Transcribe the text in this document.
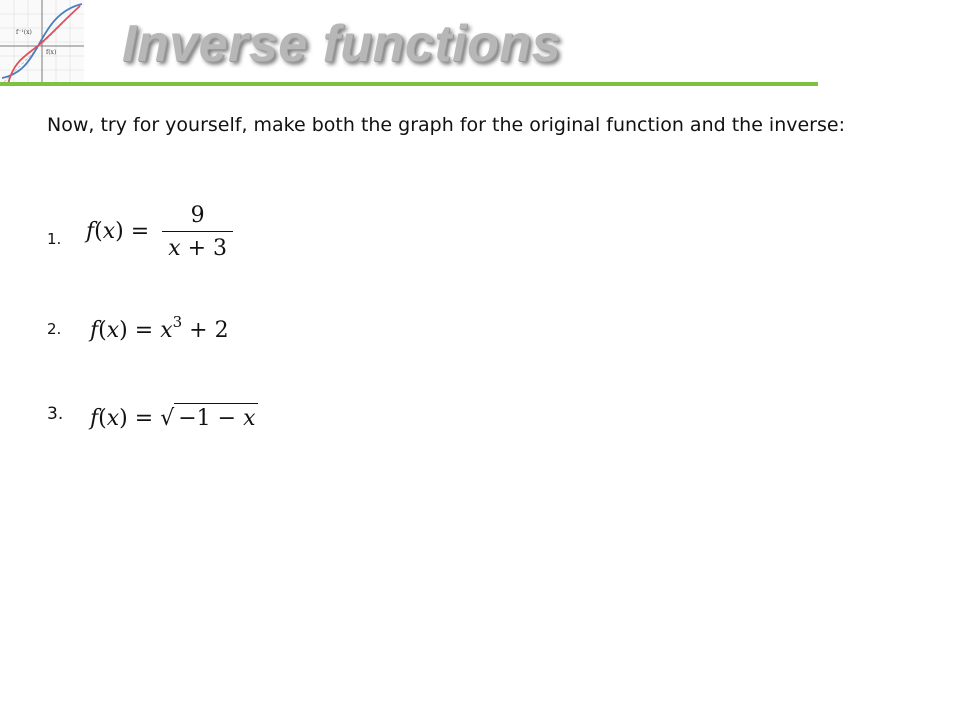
f⁻¹(x)
f(x) Inverse functions

Now, try for yourself, make both the graph for the original function and the inverse:

1. $f(x) = \frac{9}{x + 3}$
2. $f(x) = x^3 + 2$
3. f(x) = √ −1 − x
